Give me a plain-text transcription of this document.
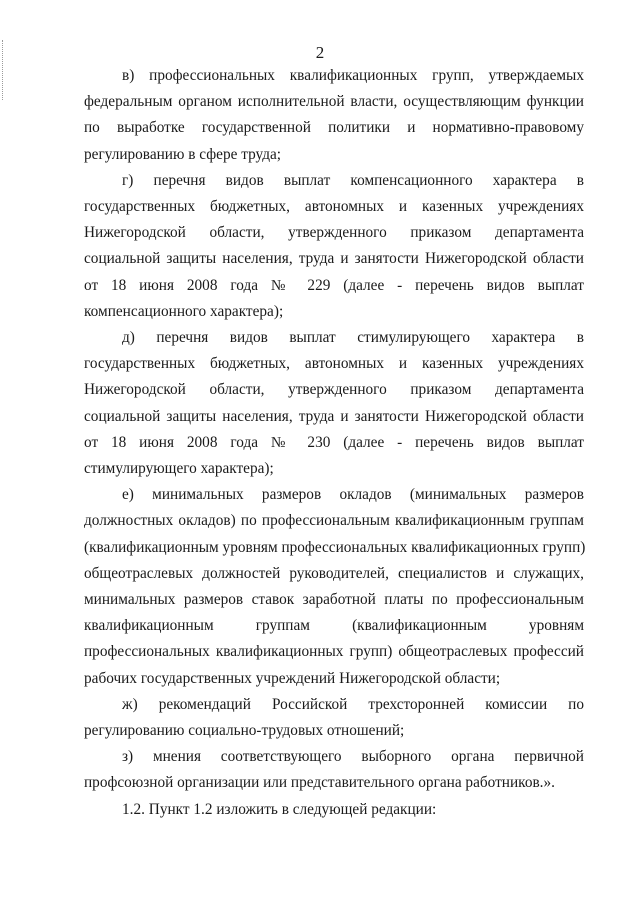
2
в) профессиональных квалификационных групп, утверждаемых
федеральным органом исполнительной власти, осуществляющим функции
по выработке государственной политики и нормативно-правовому
регулированию в сфере труда;
г) перечня видов выплат компенсационного характера в
государственных бюджетных, автономных и казенных учреждениях
Нижегородской области, утвержденного приказом департамента
социальной защиты населения, труда и занятости Нижегородской области
от 18 июня 2008 года № 229 (далее - перечень видов выплат
компенсационного характера);
д) перечня видов выплат стимулирующего характера в
государственных бюджетных, автономных и казенных учреждениях
Нижегородской области, утвержденного приказом департамента
социальной защиты населения, труда и занятости Нижегородской области
от 18 июня 2008 года № 230 (далее - перечень видов выплат
стимулирующего характера);
е) минимальных размеров окладов (минимальных размеров
должностных окладов) по профессиональным квалификационным группам
(квалификационным уровням профессиональных квалификационных групп)
общеотраслевых должностей руководителей, специалистов и служащих,
минимальных размеров ставок заработной платы по профессиональным
квалификационным группам (квалификационным уровням
профессиональных квалификационных групп) общеотраслевых профессий
рабочих государственных учреждений Нижегородской области;
ж) рекомендаций Российской трехсторонней комиссии по
регулированию социально-трудовых отношений;
з) мнения соответствующего выборного органа первичной
профсоюзной организации или представительного органа работников.».
1.2. Пункт 1.2 изложить в следующей редакции:
